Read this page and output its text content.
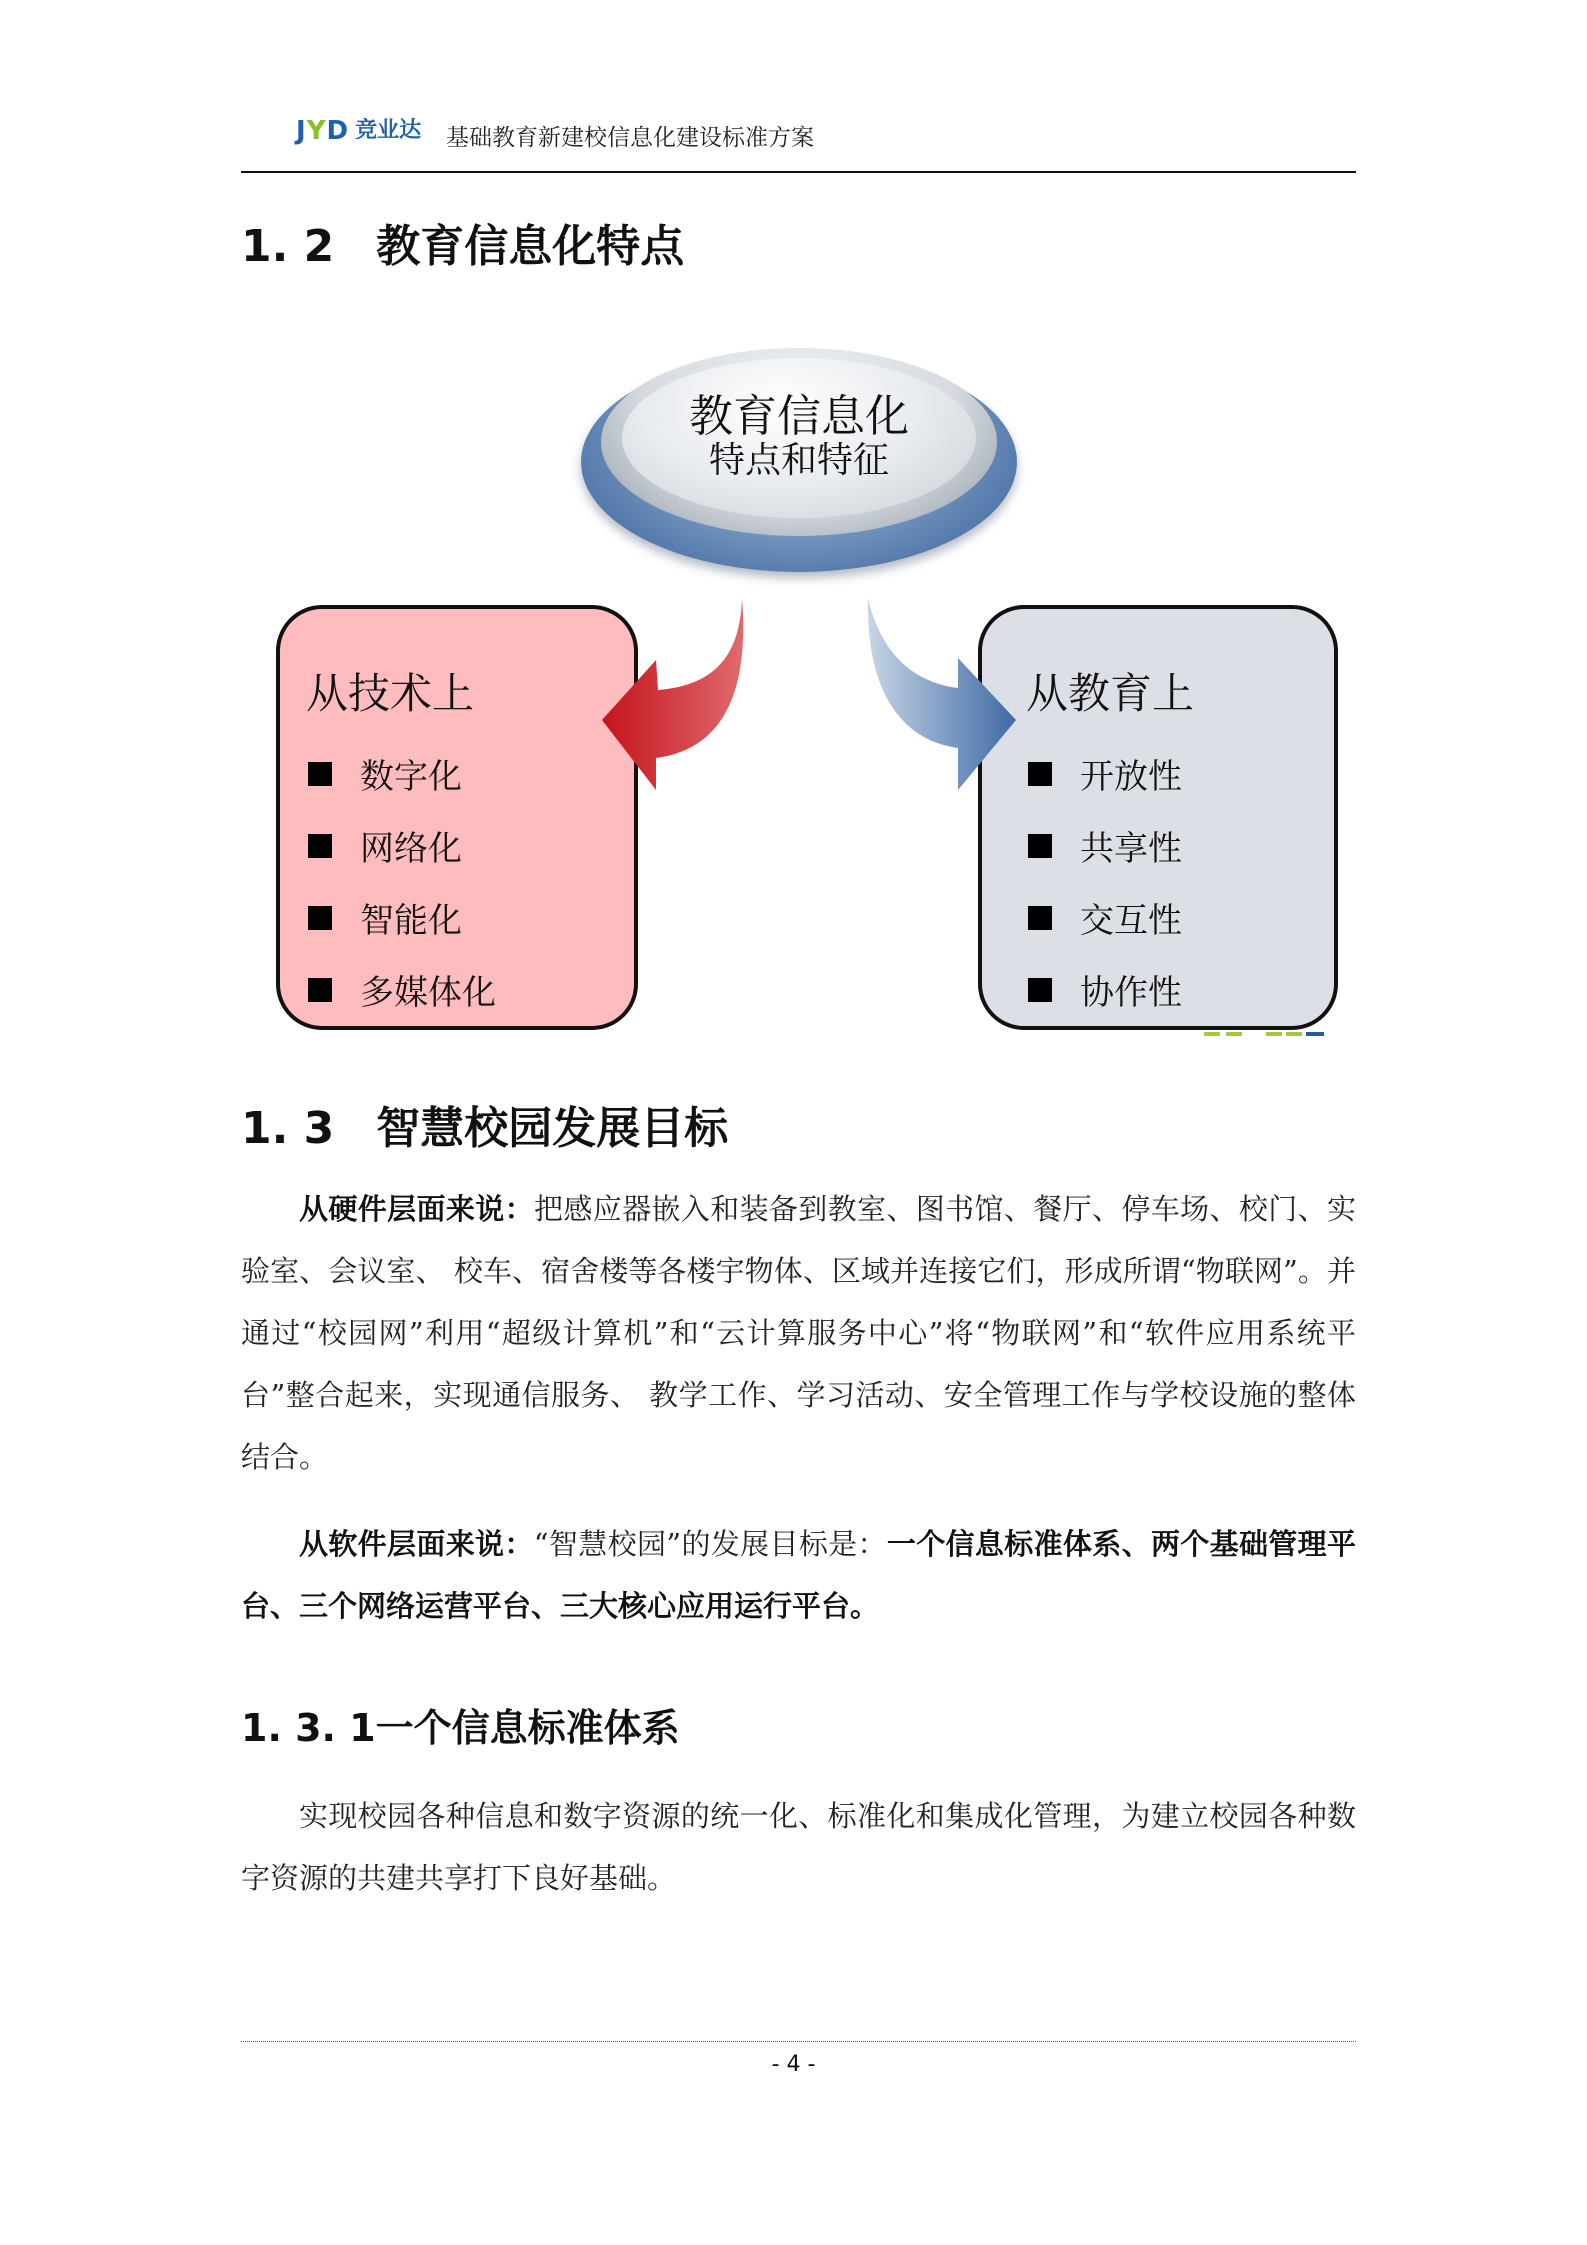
JYD 竞业达 基础教育新建校信息化建设标准方案
1. 2 教育信息化特点
教育信息化
特点和特征
从技术上
数字化
网络化
智能化
多媒体化
从教育上
开放性
共享性
交互性
协作性
1. 3 智慧校园发展目标

从硬件层面来说：把感应器嵌入和装备到教室、图书馆、餐厅、停车场、校门、实验室、会议室、 校车、宿舍楼等各楼宇物体、区域并连接它们，形成所谓“物联网”。并通过“校园网”利用“超级计算机”和“云计算服务中心”将“物联网”和“软件应用系统平台”整合起来，实现通信服务、 教学工作、学习活动、安全管理工作与学校设施的整体结合。

从软件层面来说：“智慧校园”的发展目标是：一个信息标准体系、两个基础管理平台、三个网络运营平台、三大核心应用运行平台。

1. 3. 1一个信息标准体系

实现校园各种信息和数字资源的统一化、标准化和集成化管理，为建立校园各种数字资源的共建共享打下良好基础。

- 4 -
